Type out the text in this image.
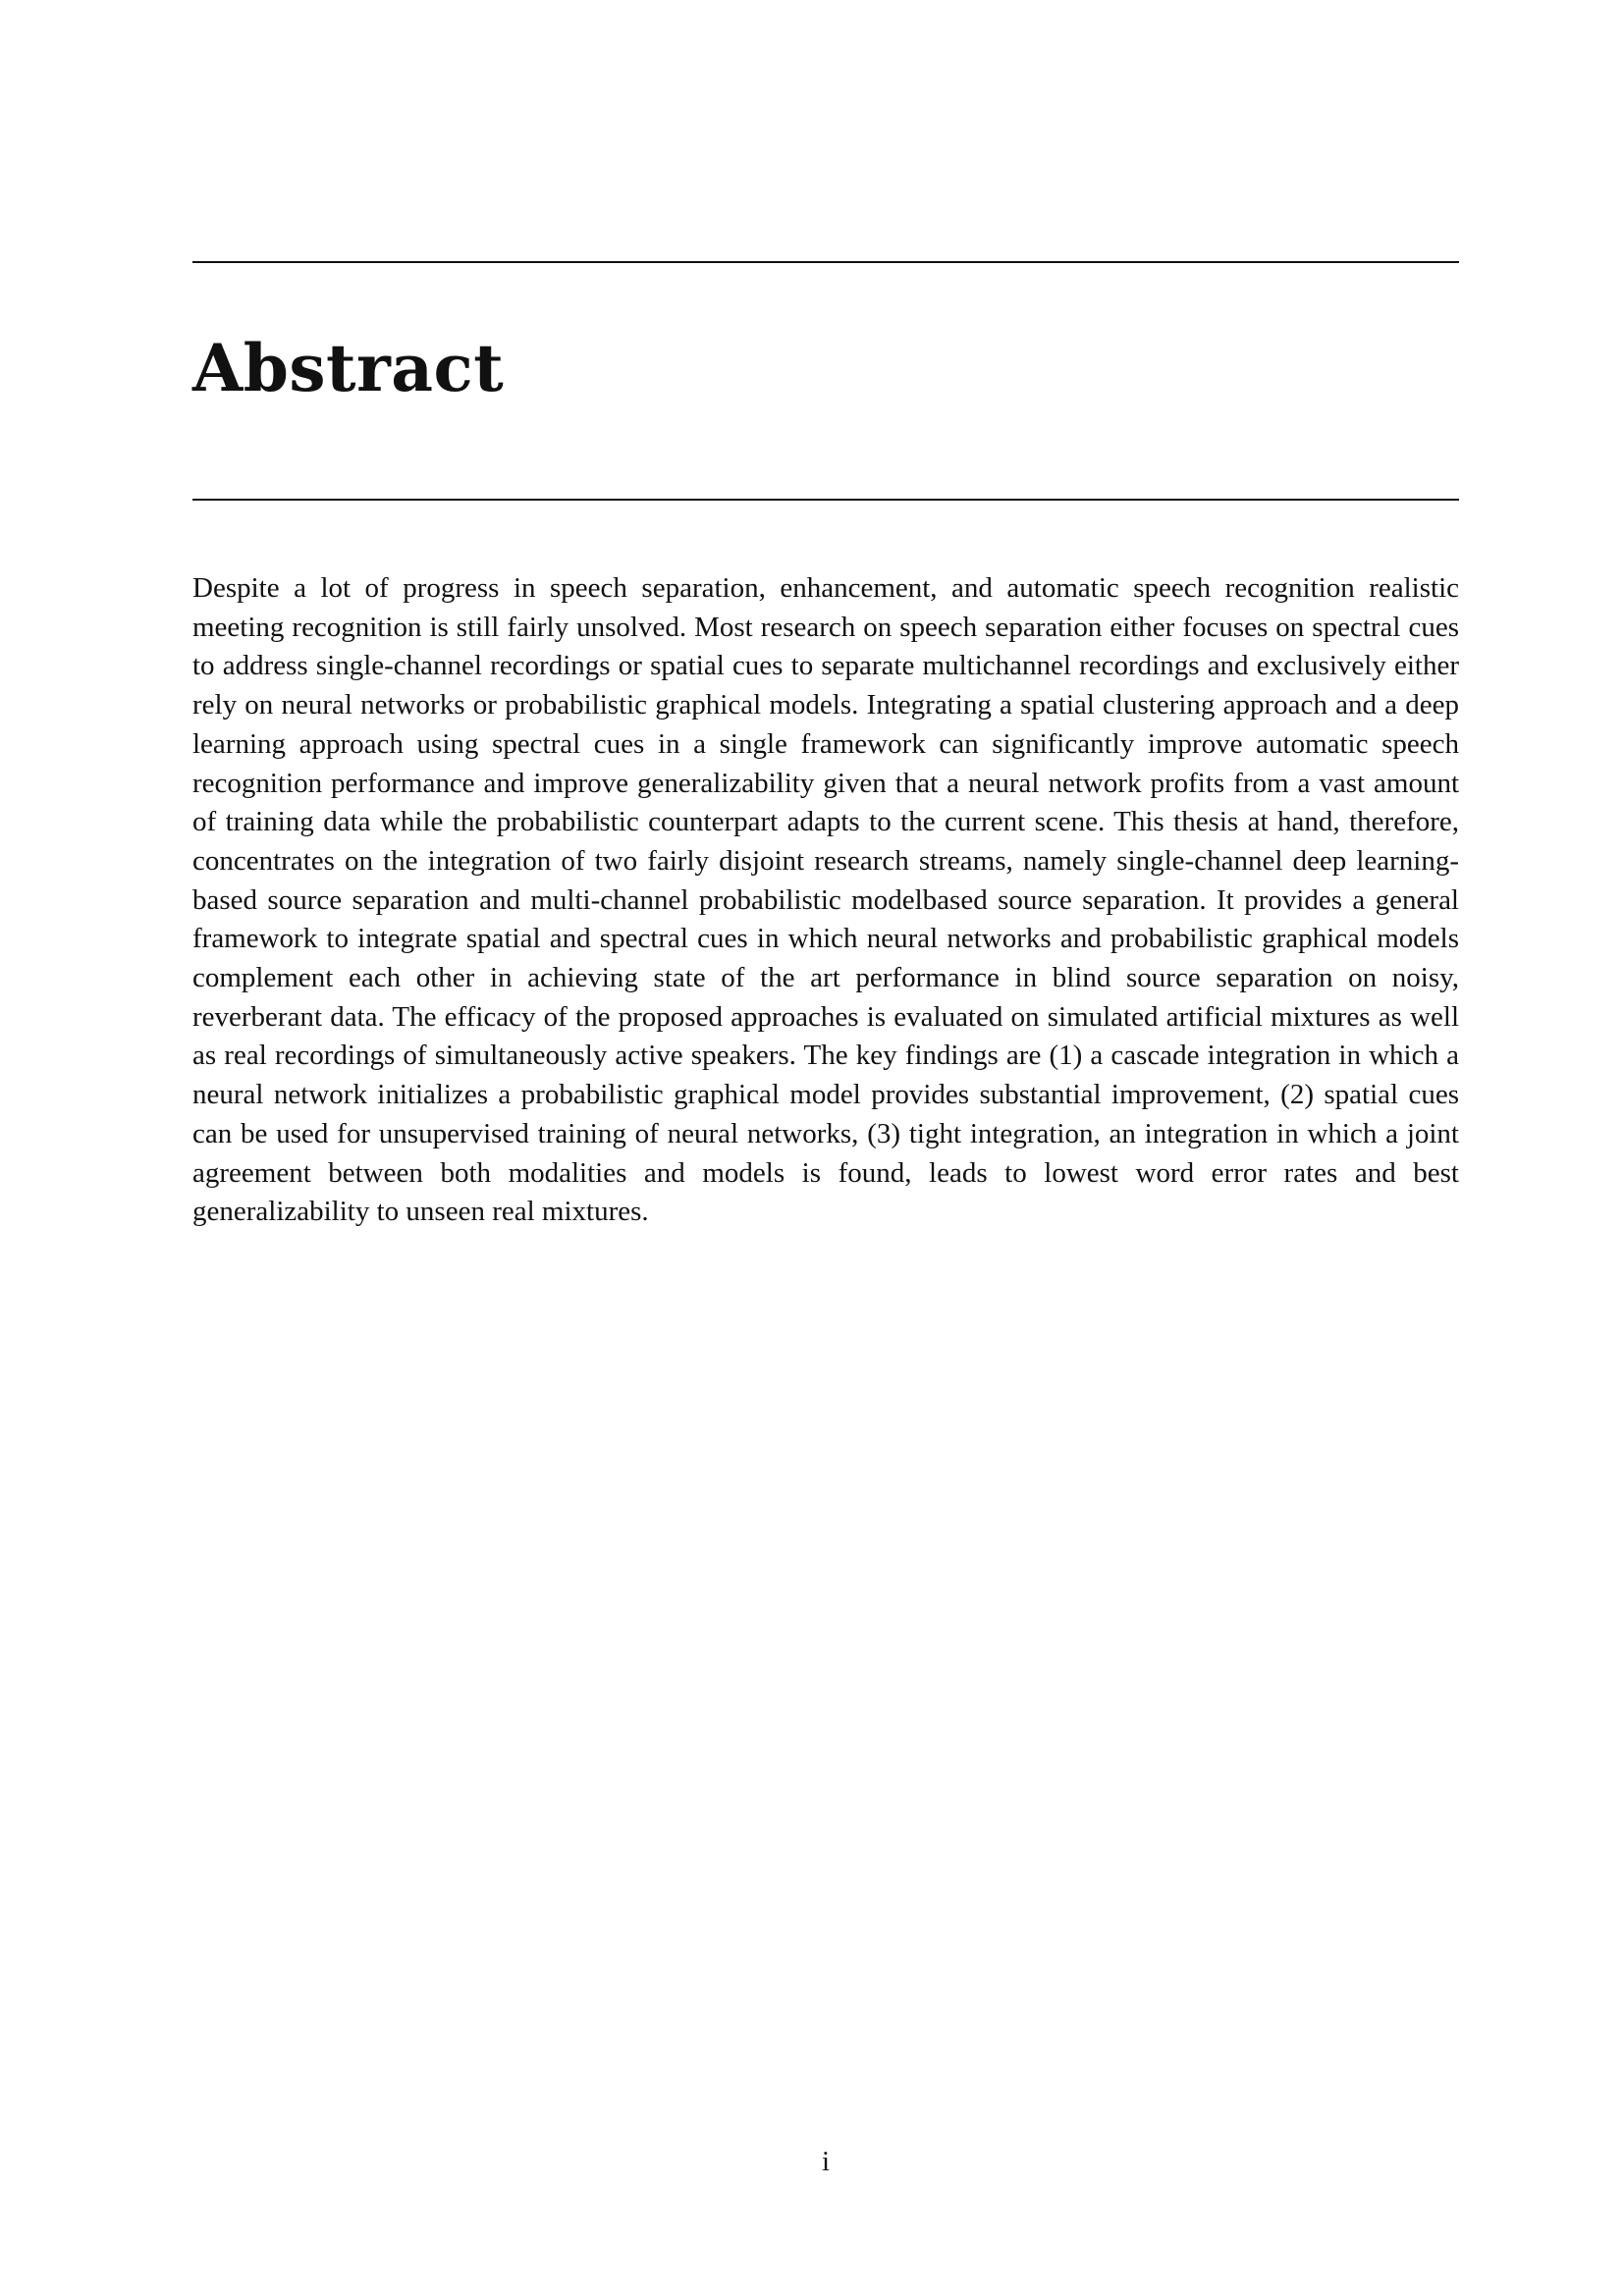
Abstract

Despite a lot of progress in speech separation, enhancement, and automatic speech recognition realistic meeting recognition is still fairly unsolved. Most research on speech separation either focuses on spectral cues to address single-channel recordings or spatial cues to separate multichannel recordings and exclusively either rely on neural networks or probabilistic graphical models. Integrating a spatial clustering approach and a deep learning approach using spectral cues in a single framework can significantly improve automatic speech recognition performance and improve generalizability given that a neural network profits from a vast amount of training data while the probabilistic counterpart adapts to the current scene. This thesis at hand, therefore, concentrates on the integration of two fairly disjoint research streams, namely single-channel deep learning-based source separation and multi-channel probabilistic modelbased source separation. It provides a general framework to integrate spatial and spectral cues in which neural networks and probabilistic graphical models complement each other in achieving state of the art performance in blind source separation on noisy, reverberant data. The efficacy of the proposed approaches is evaluated on simulated artificial mixtures as well as real recordings of simultaneously active speakers. The key findings are (1) a cascade integration in which a neural network initializes a probabilistic graphical model provides substantial improvement, (2) spatial cues can be used for unsupervised training of neural networks, (3) tight integration, an integration in which a joint agreement between both modalities and models is found, leads to lowest word error rates and best generalizability to unseen real mixtures.

i
